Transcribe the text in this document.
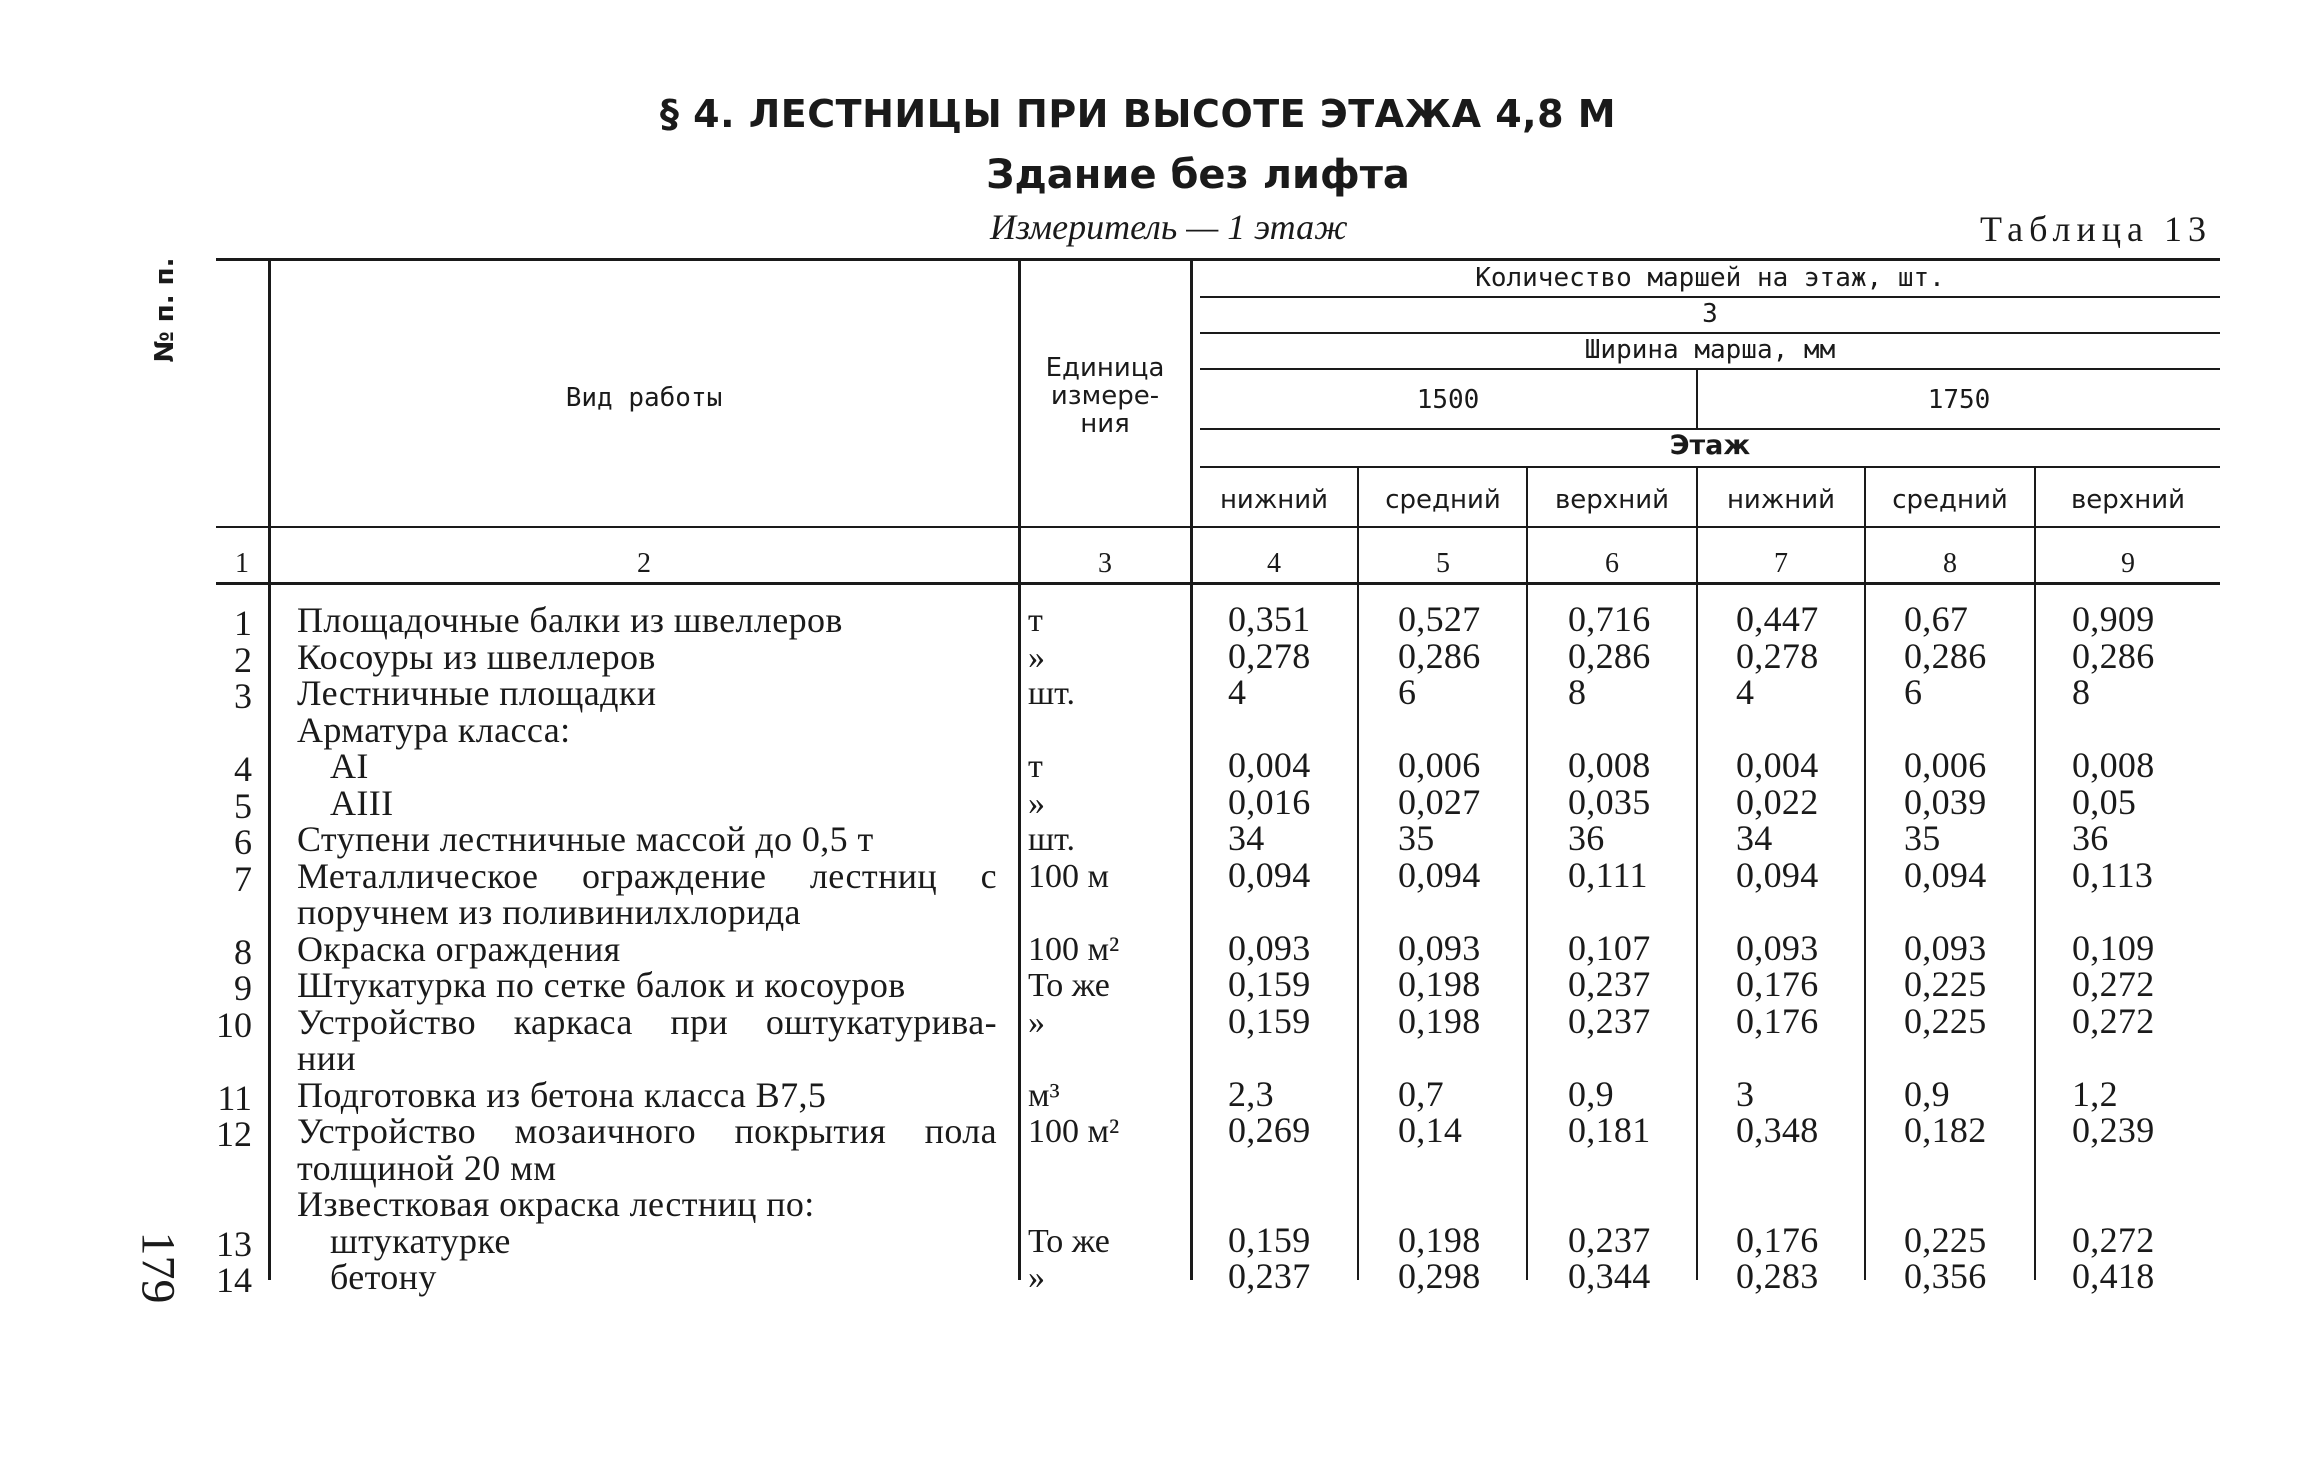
§ 4. ЛЕСТНИЦЫ ПРИ ВЫСОТЕ ЭТАЖА 4,8 М
Здание без лифта
Измеритель — 1 этаж	Таблица 13
№ п. п.
Вид работы
Единица
измере-
ния
Количество маршей на этаж, шт.
3
Ширина марша, мм
1500	1750
Этаж
нижний	средний	верхний	нижний	средний	верхний
1	2	3	4	5	6	7	8	9
1 Площадочные балки из швеллеров	т	0,351 0,527 0,716 0,447 0,67	0,909
2 Косоуры из швеллеров	»	0,278 0,286 0,286 0,278 0,286 0,286
3 Лестничные площадки	шт.	4	6	8	4	6	8
Арматура класса:
4 AI	т	0,004 0,006 0,008 0,004 0,006 0,008
5 AIII	»	0,016 0,027 0,035 0,022 0,039 0,05
6 Ступени лестничные массой до 0,5 т	шт.	34	35	36	34	35	36
7 Металлическое ограждение лестниц с
поручнем из поливинилхлорида
100 м	0,094 0,094 0,111 0,094 0,094 0,113
8 Окраска ограждения	100 м²	0,093 0,093 0,107 0,093 0,093 0,109
9 Штукатурка по сетке балок и косоуров	То же	0,159 0,198 0,237 0,176 0,225 0,272
10 Устройство каркаса при оштукатурива-
нии
»	0,159 0,198 0,237 0,176 0,225 0,272
11 Подготовка из бетона класса В7,5	м³	2,3	0,7	0,9	3	0,9	1,2
12 Устройство мозаичного покрытия пола
толщиной 20 мм
100 м²	0,269 0,14	0,181 0,348 0,182 0,239
Известковая окраска лестниц по:
13 штукатурке	То же	0,159 0,198 0,237 0,176 0,225 0,272
14 бетону	»	0,237 0,298 0,344 0,283 0,356 0,418
179
